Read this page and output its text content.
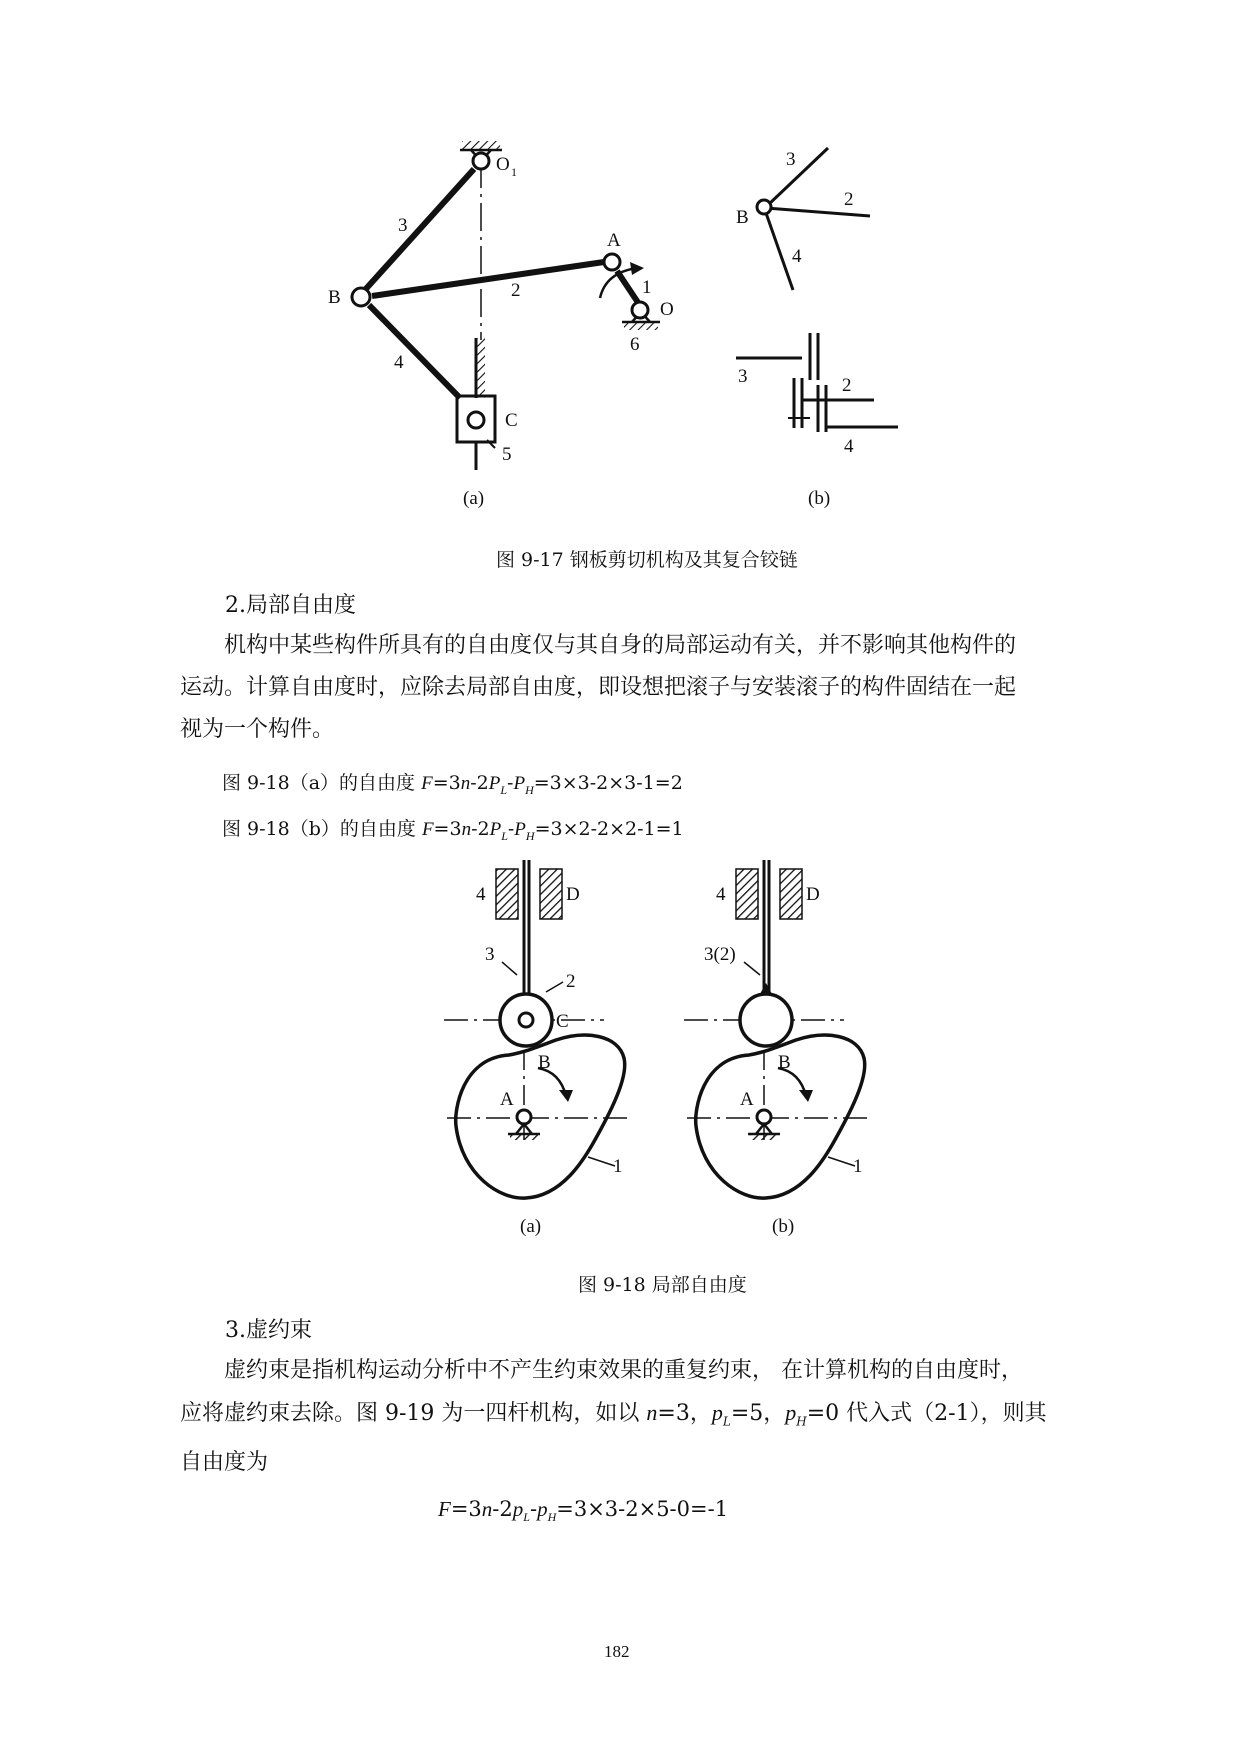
O 1
3
B
A
2	1
O
6
4
C
5
(a)
3
2
B
4
3	2
4
(b)
图 9-17 钢板剪切机构及其复合铰链
2.局部自由度
机构中某些构件所具有的自由度仅与其自身的局部运动有关，并不影响其他构件的
运动。计算自由度时，应除去局部自由度，即设想把滚子与安装滚子的构件固结在一起
视为一个构件。
图 9-18（a）的自由度 $F=3n-2P_L-P_H=3\times 3-2\times 3-1=2$
图 9-18（b）的自由度 $F=3n-2P_L-P_H=3\times 2-2\times 2-1=1$
4	D
3
2
C
B
A
1
(a)
4	D
3(2)
B
A
1
(b)
图 9-18 局部自由度
3.虚约束
虚约束是指机构运动分析中不产生约束效果的重复约束， 在计算机构的自由度时，
应将虚约束去除。图 9-19 为一四杆机构，如以 n=3，$p_L=5$，$p_H=0$ 代入式（2-1），则其
自由度为
$F=3n-2p_L-p_H=3\times 3-2\times 5-0=-1$
182
